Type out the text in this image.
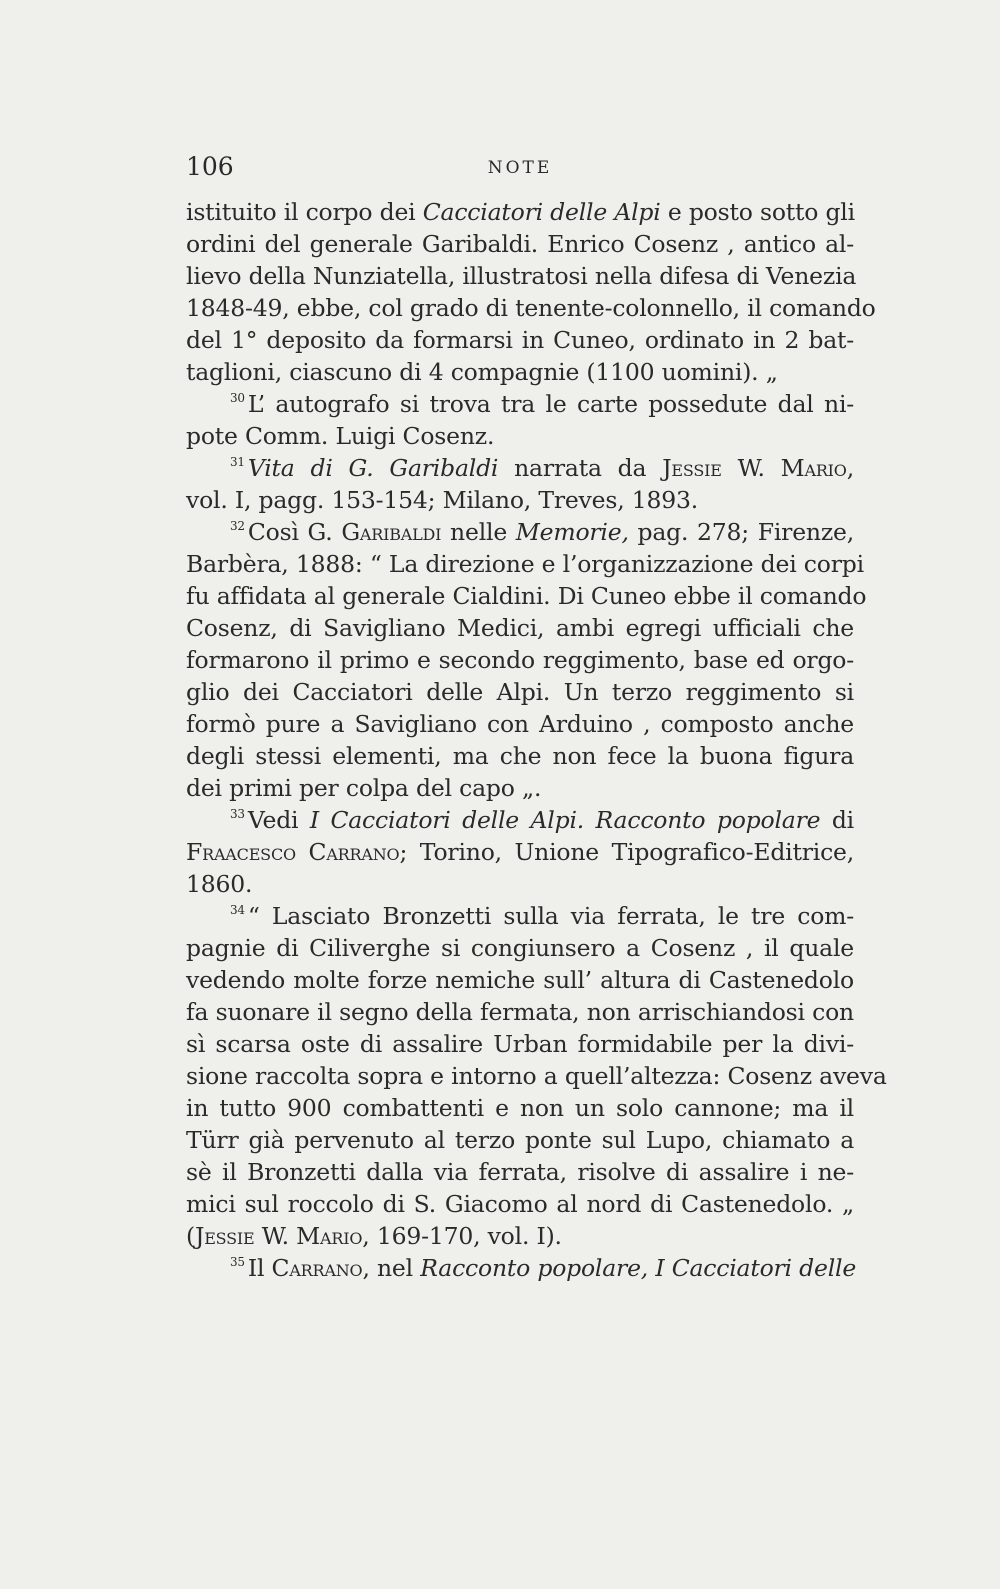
106	NOTE
istituito il corpo dei Cacciatori delle Alpi e posto sotto gli
ordini del generale Garibaldi. Enrico Cosenz , antico al-
lievo della Nunziatella, illustratosi nella difesa di Venezia
1848-49, ebbe, col grado di tenente-colonnello, il comando
del 1° deposito da formarsi in Cuneo, ordinato in 2 bat-
taglioni, ciascuno di 4 compagnie (1100 uomini). „
$^{30}$ L’ autografo si trova tra le carte possedute dal ni-
pote Comm. Luigi Cosenz.
$^{31}$ Vita di G. Garibaldi narrata da Jessie W. Mario,
vol. I, pagg. 153-154; Milano, Treves, 1893.
$^{32}$ Così G. Garibaldi nelle Memorie, pag. 278; Firenze,
Barbèra, 1888: “ La direzione e l’organizzazione dei corpi
fu affidata al generale Cialdini. Di Cuneo ebbe il comando
Cosenz, di Savigliano Medici, ambi egregi ufficiali che
formarono il primo e secondo reggimento, base ed orgo-
glio dei Cacciatori delle Alpi. Un terzo reggimento si
formò pure a Savigliano con Arduino , composto anche
degli stessi elementi, ma che non fece la buona figura
dei primi per colpa del capo „.
$^{33}$ Vedi I Cacciatori delle Alpi. Racconto popolare di
Fraacesco Carrano; Torino, Unione Tipografico-Editrice,
1860.
$^{34}$ “ Lasciato Bronzetti sulla via ferrata, le tre com-
pagnie di Ciliverghe si congiunsero a Cosenz , il quale
vedendo molte forze nemiche sull’ altura di Castenedolo
fa suonare il segno della fermata, non arrischiandosi con
sì scarsa oste di assalire Urban formidabile per la divi-
sione raccolta sopra e intorno a quell’altezza: Cosenz aveva
in tutto 900 combattenti e non un solo cannone; ma il
Türr già pervenuto al terzo ponte sul Lupo, chiamato a
sè il Bronzetti dalla via ferrata, risolve di assalire i ne-
mici sul roccolo di S. Giacomo al nord di Castenedolo. „
(Jessie W. Mario, 169-170, vol. I).
$^{35}$ Il Carrano, nel Racconto popolare, I Cacciatori delle
